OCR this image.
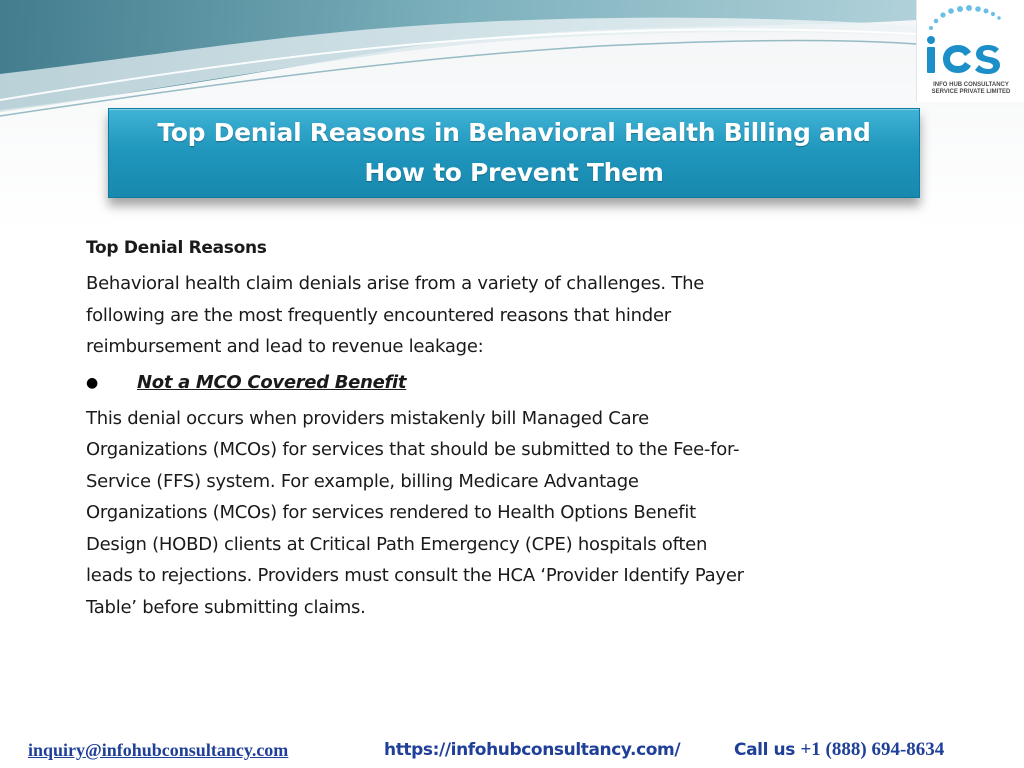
INFO HUB CONSULTANCY
SERVICE PRIVATE LIMITED
Top Denial Reasons in Behavioral Health Billing and
How to Prevent Them
Top Denial Reasons
Behavioral health claim denials arise from a variety of challenges. The
following are the most frequently encountered reasons that hinder
reimbursement and lead to revenue leakage:
●	Not a MCO Covered Benefit
This denial occurs when providers mistakenly bill Managed Care
Organizations (MCOs) for services that should be submitted to the Fee-for-
Service (FFS) system. For example, billing Medicare Advantage
Organizations (MCOs) for services rendered to Health Options Benefit
Design (HOBD) clients at Critical Path Emergency (CPE) hospitals often
leads to rejections. Providers must consult the HCA ‘Provider Identify Payer
Table’ before submitting claims.
inquiry@infohubconsultancy.com	https://infohubconsultancy.com/	Call us +1 (888) 694-8634
